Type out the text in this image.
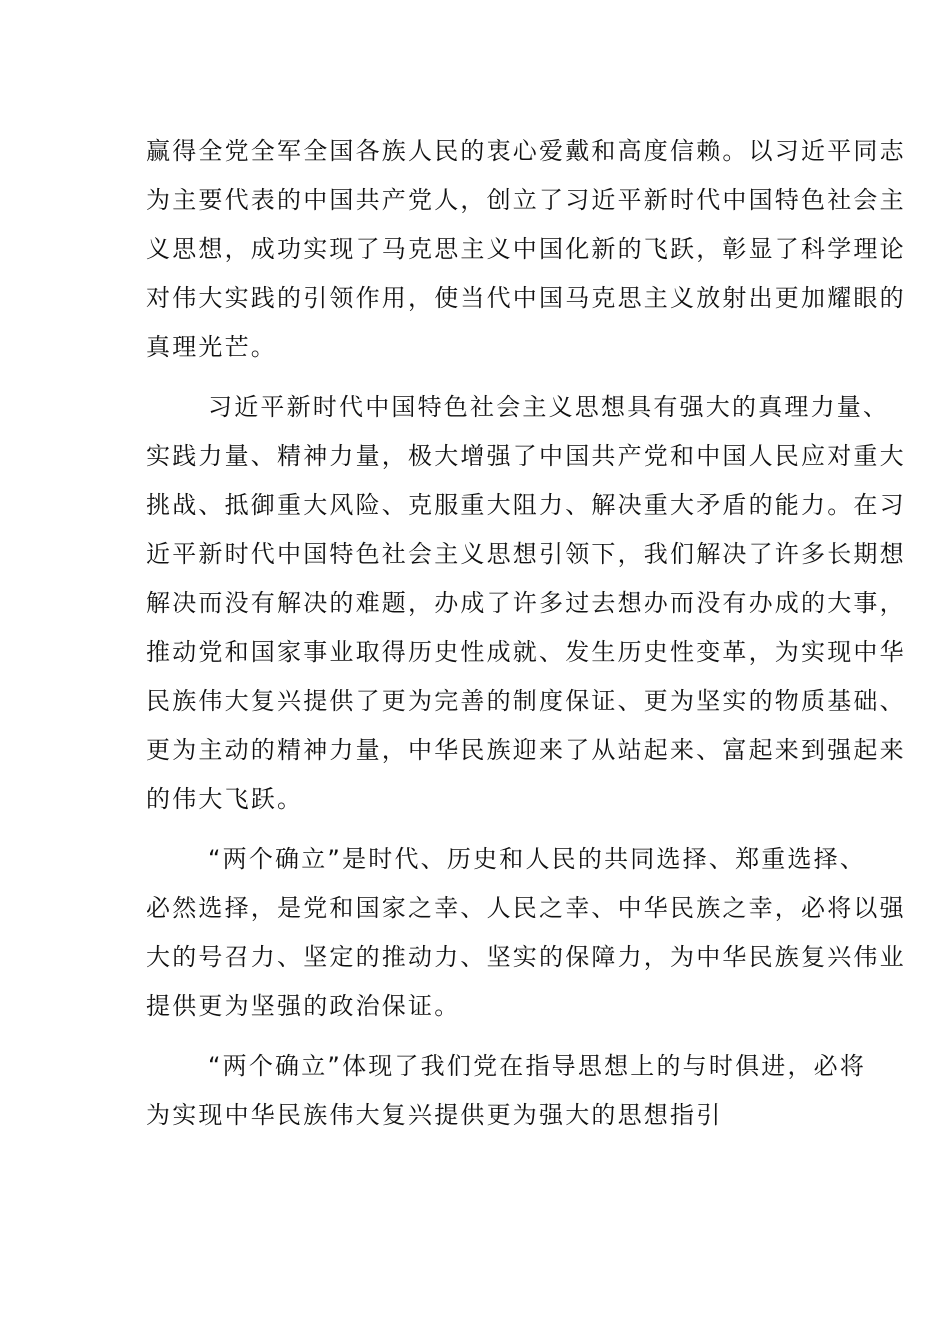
赢得全党全军全国各族人民的衷心爱戴和高度信赖。以习近平同志
为主要代表的中国共产党人，创立了习近平新时代中国特色社会主
义思想，成功实现了马克思主义中国化新的飞跃，彰显了科学理论
对伟大实践的引领作用，使当代中国马克思主义放射出更加耀眼的
真理光芒。
习近平新时代中国特色社会主义思想具有强大的真理力量、
实践力量、精神力量，极大增强了中国共产党和中国人民应对重大
挑战、抵御重大风险、克服重大阻力、解决重大矛盾的能力。在习
近平新时代中国特色社会主义思想引领下，我们解决了许多长期想
解决而没有解决的难题，办成了许多过去想办而没有办成的大事，
推动党和国家事业取得历史性成就、发生历史性变革，为实现中华
民族伟大复兴提供了更为完善的制度保证、更为坚实的物质基础、
更为主动的精神力量，中华民族迎来了从站起来、富起来到强起来
的伟大飞跃。
“两个确立”是时代、历史和人民的共同选择、郑重选择、
必然选择，是党和国家之幸、人民之幸、中华民族之幸，必将以强
大的号召力、坚定的推动力、坚实的保障力，为中华民族复兴伟业
提供更为坚强的政治保证。
“两个确立”体现了我们党在指导思想上的与时俱进，必将
为实现中华民族伟大复兴提供更为强大的思想指引
